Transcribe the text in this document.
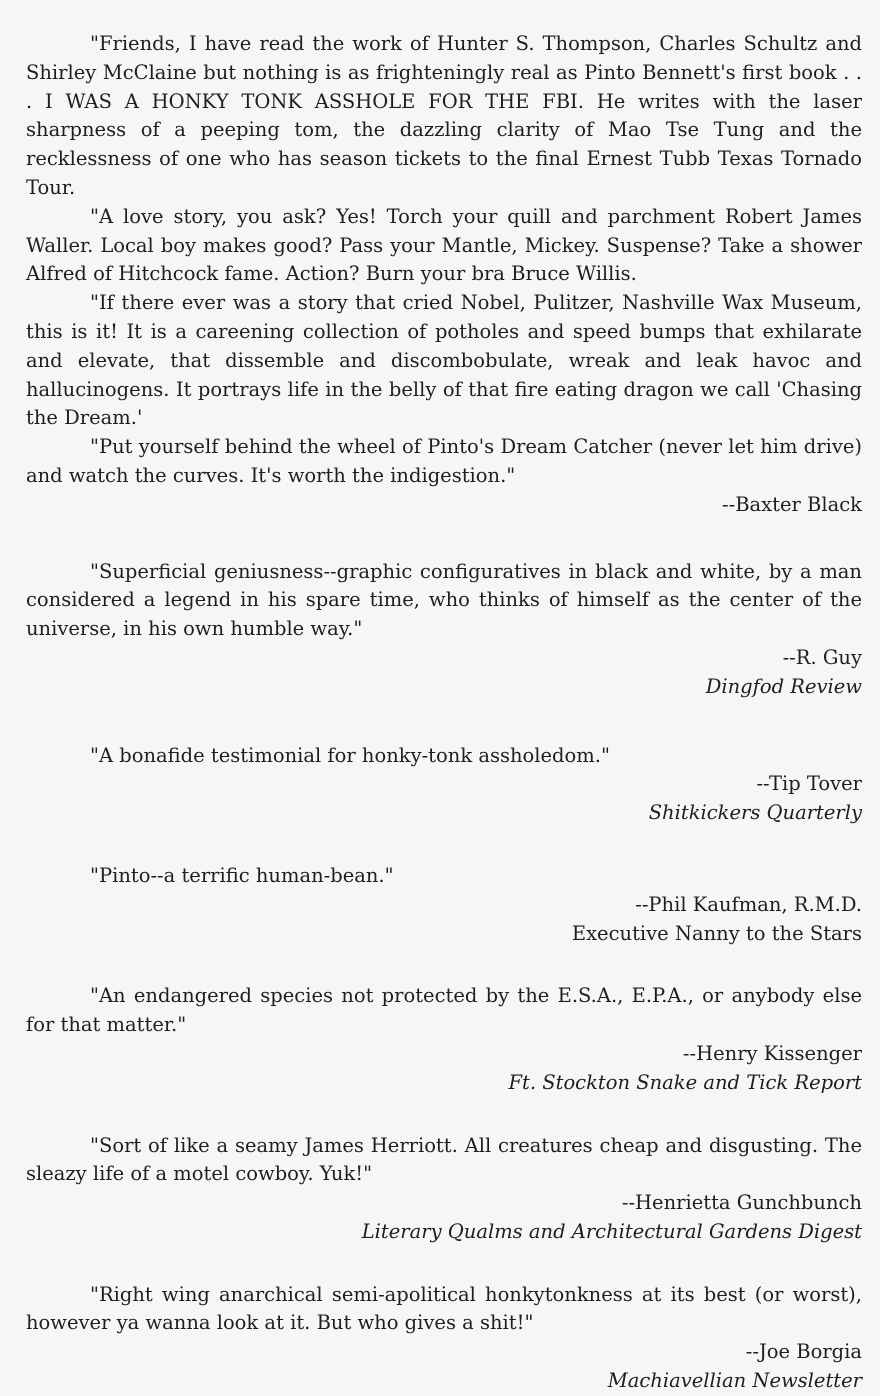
"Friends, I have read the work of Hunter S. Thompson, Charles Schultz and Shirley McClaine but nothing is as frighteningly real as Pinto Bennett's first book . . . I WAS A HONKY TONK ASSHOLE FOR THE FBI. He writes with the laser sharpness of a peeping tom, the dazzling clarity of Mao Tse Tung and the recklessness of one who has season tickets to the final Ernest Tubb Texas Tornado Tour.

"A love story, you ask? Yes! Torch your quill and parchment Robert James Waller. Local boy makes good? Pass your Mantle, Mickey. Suspense? Take a shower Alfred of Hitchcock fame. Action? Burn your bra Bruce Willis.

"If there ever was a story that cried Nobel, Pulitzer, Nashville Wax Museum, this is it! It is a careening collection of potholes and speed bumps that exhilarate and elevate, that dissemble and discombobulate, wreak and leak havoc and hallucinogens. It portrays life in the belly of that fire eating dragon we call 'Chasing the Dream.'

"Put yourself behind the wheel of Pinto's Dream Catcher (never let him drive) and watch the curves. It's worth the indigestion."

--Baxter Black

"Superficial geniusness--graphic configuratives in black and white, by a man considered a legend in his spare time, who thinks of himself as the center of the universe, in his own humble way."

--R. Guy
Dingfod Review

"A bonafide testimonial for honky-tonk assholedom."

--Tip Tover
Shitkickers Quarterly

"Pinto--a terrific human-bean."

--Phil Kaufman, R.M.D.
Executive Nanny to the Stars

"An endangered species not protected by the E.S.A., E.P.A., or anybody else for that matter."

--Henry Kissenger
Ft. Stockton Snake and Tick Report

"Sort of like a seamy James Herriott. All creatures cheap and disgusting. The sleazy life of a motel cowboy. Yuk!"

--Henrietta Gunchbunch
Literary Qualms and Architectural Gardens Digest

"Right wing anarchical semi-apolitical honkytonkness at its best (or worst), however ya wanna look at it. But who gives a shit!"

--Joe Borgia
Machiavellian Newsletter
